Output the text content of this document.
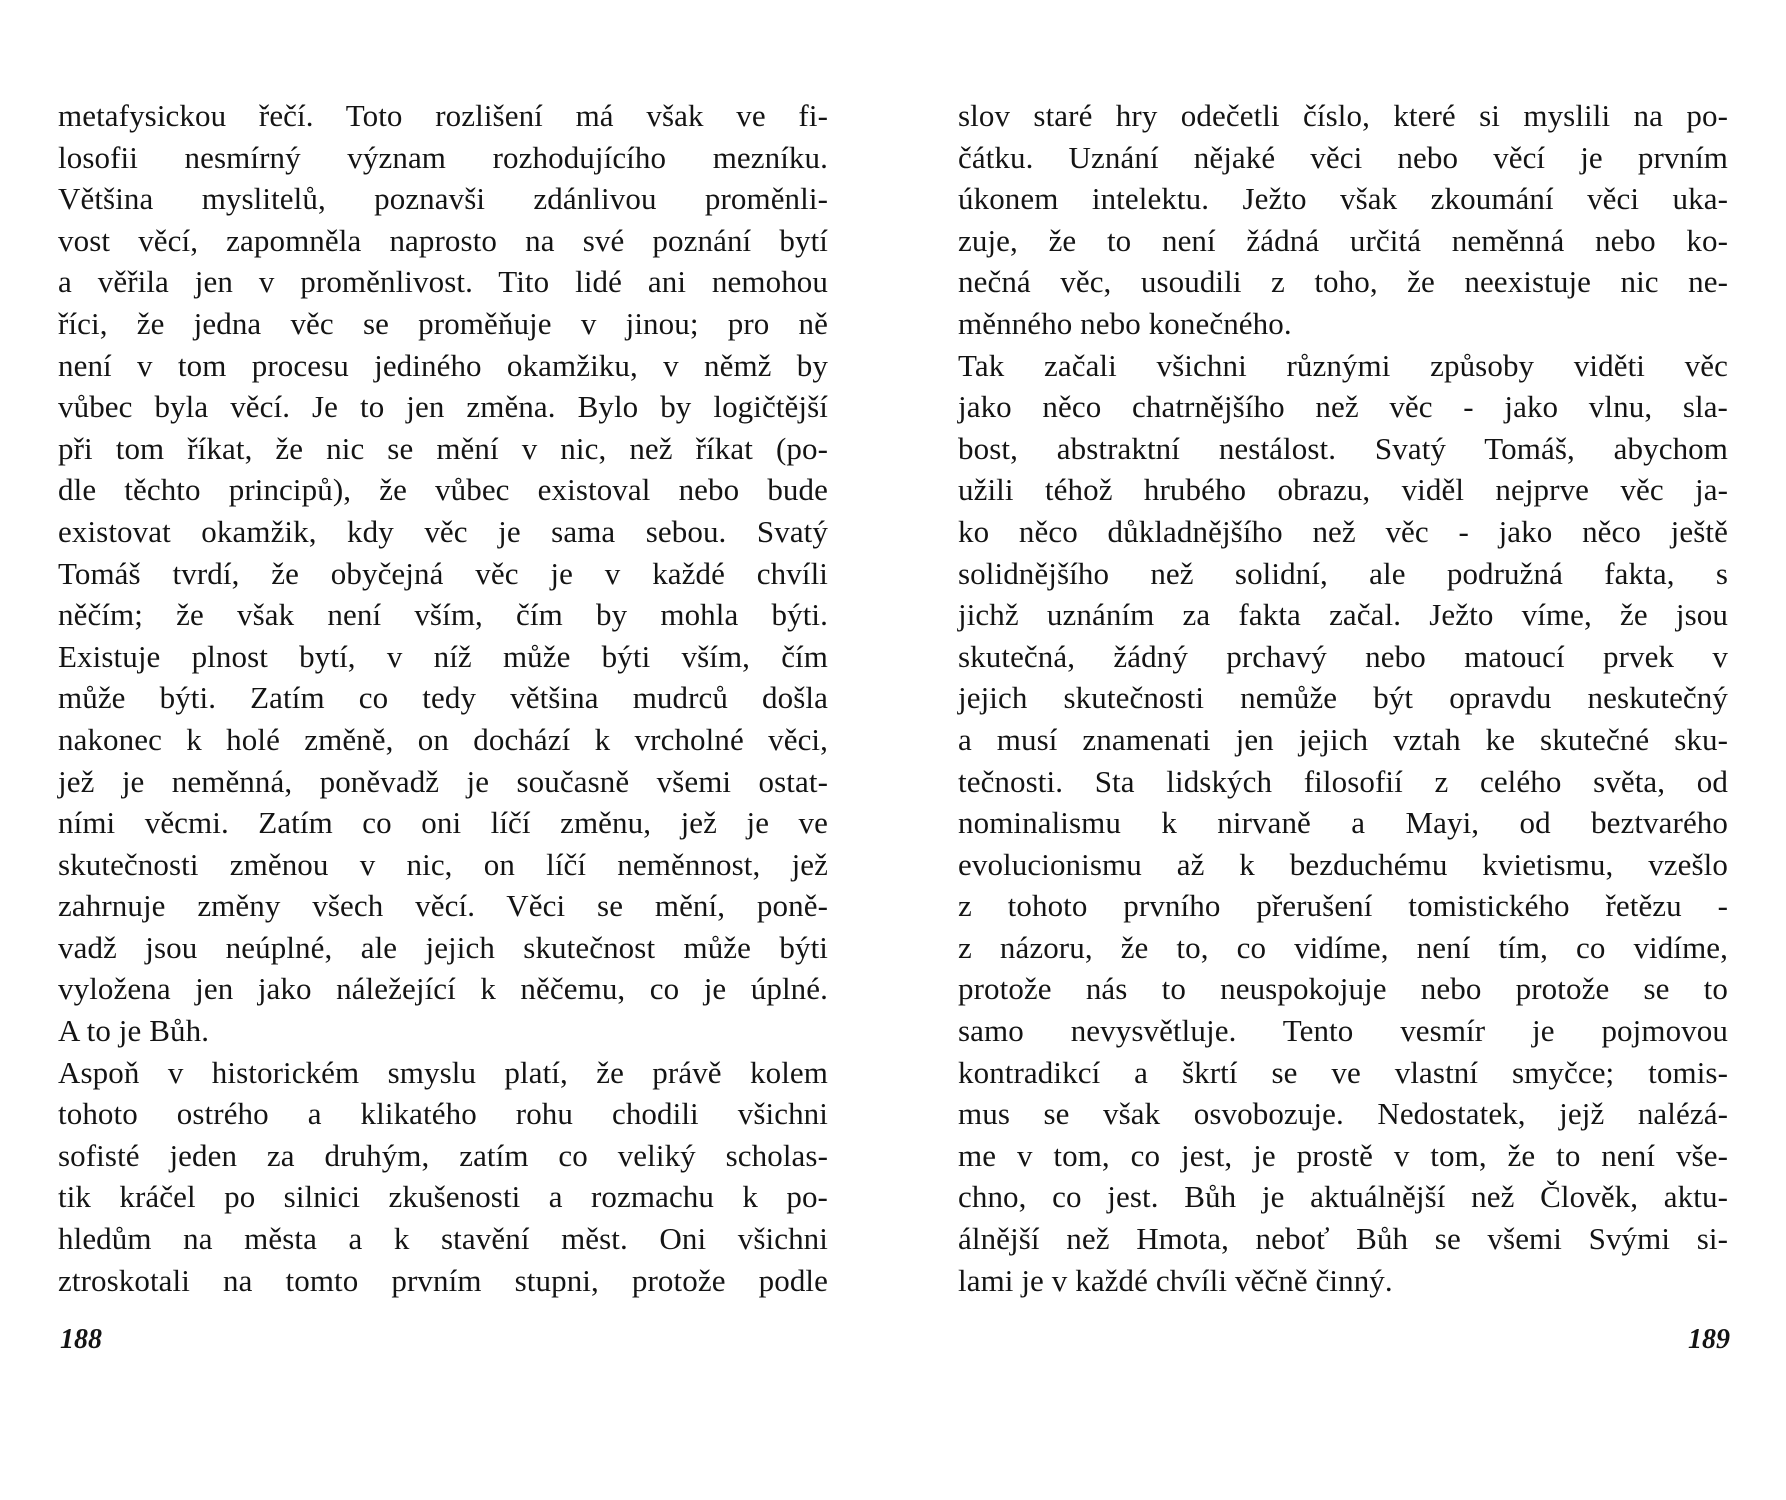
metafysickou řečí. Toto rozlišení má však ve fi-
losofii nesmírný význam rozhodujícího mezníku.
Většina myslitelů, poznavši zdánlivou proměnli-
vost věcí, zapomněla naprosto na své poznání bytí
a věřila jen v proměnlivost. Tito lidé ani nemohou
říci, že jedna věc se proměňuje v jinou; pro ně
není v tom procesu jediného okamžiku, v němž by
vůbec byla věcí. Je to jen změna. Bylo by logičtější
při tom říkat, že nic se mění v nic, než říkat (po-
dle těchto principů), že vůbec existoval nebo bude
existovat okamžik, kdy věc je sama sebou. Svatý
Tomáš tvrdí, že obyčejná věc je v každé chvíli
něčím; že však není vším, čím by mohla býti.
Existuje plnost bytí, v níž může býti vším, čím
může býti. Zatím co tedy většina mudrců došla
nakonec k holé změně, on dochází k vrcholné věci,
jež je neměnná, poněvadž je současně všemi ostat-
ními věcmi. Zatím co oni líčí změnu, jež je ve
skutečnosti změnou v nic, on líčí neměnnost, jež
zahrnuje změny všech věcí. Věci se mění, poně-
vadž jsou neúplné, ale jejich skutečnost může býti
vyložena jen jako náležející k něčemu, co je úplné.
A to je Bůh.
Aspoň v historickém smyslu platí, že právě kolem
tohoto ostrého a klikatého rohu chodili všichni
sofisté jeden za druhým, zatím co veliký scholas-
tik kráčel po silnici zkušenosti a rozmachu k po-
hledům na města a k stavění měst. Oni všichni
ztroskotali na tomto prvním stupni, protože podle
slov staré hry odečetli číslo, které si myslili na po-
čátku. Uznání nějaké věci nebo věcí je prvním
úkonem intelektu. Ježto však zkoumání věci uka-
zuje, že to není žádná určitá neměnná nebo ko-
nečná věc, usoudili z toho, že neexistuje nic ne-
měnného nebo konečného.
Tak začali všichni různými způsoby viděti věc
jako něco chatrnějšího než věc - jako vlnu, sla-
bost, abstraktní nestálost. Svatý Tomáš, abychom
užili téhož hrubého obrazu, viděl nejprve věc ja-
ko něco důkladnějšího než věc - jako něco ještě
solidnějšího než solidní, ale podružná fakta, s
jichž uznáním za fakta začal. Ježto víme, že jsou
skutečná, žádný prchavý nebo matoucí prvek v
jejich skutečnosti nemůže být opravdu neskutečný
a musí znamenati jen jejich vztah ke skutečné sku-
tečnosti. Sta lidských filosofií z celého světa, od
nominalismu k nirvaně a Mayi, od beztvarého
evolucionismu až k bezduchému kvietismu, vzešlo
z tohoto prvního přerušení tomistického řetězu -
z názoru, že to, co vidíme, není tím, co vidíme,
protože nás to neuspokojuje nebo protože se to
samo nevysvětluje. Tento vesmír je pojmovou
kontradikcí a škrtí se ve vlastní smyčce; tomis-
mus se však osvobozuje. Nedostatek, jejž nalézá-
me v tom, co jest, je prostě v tom, že to není vše-
chno, co jest. Bůh je aktuálnější než Člověk, aktu-
álnější než Hmota, neboť Bůh se všemi Svými si-
lami je v každé chvíli věčně činný.
188	189
